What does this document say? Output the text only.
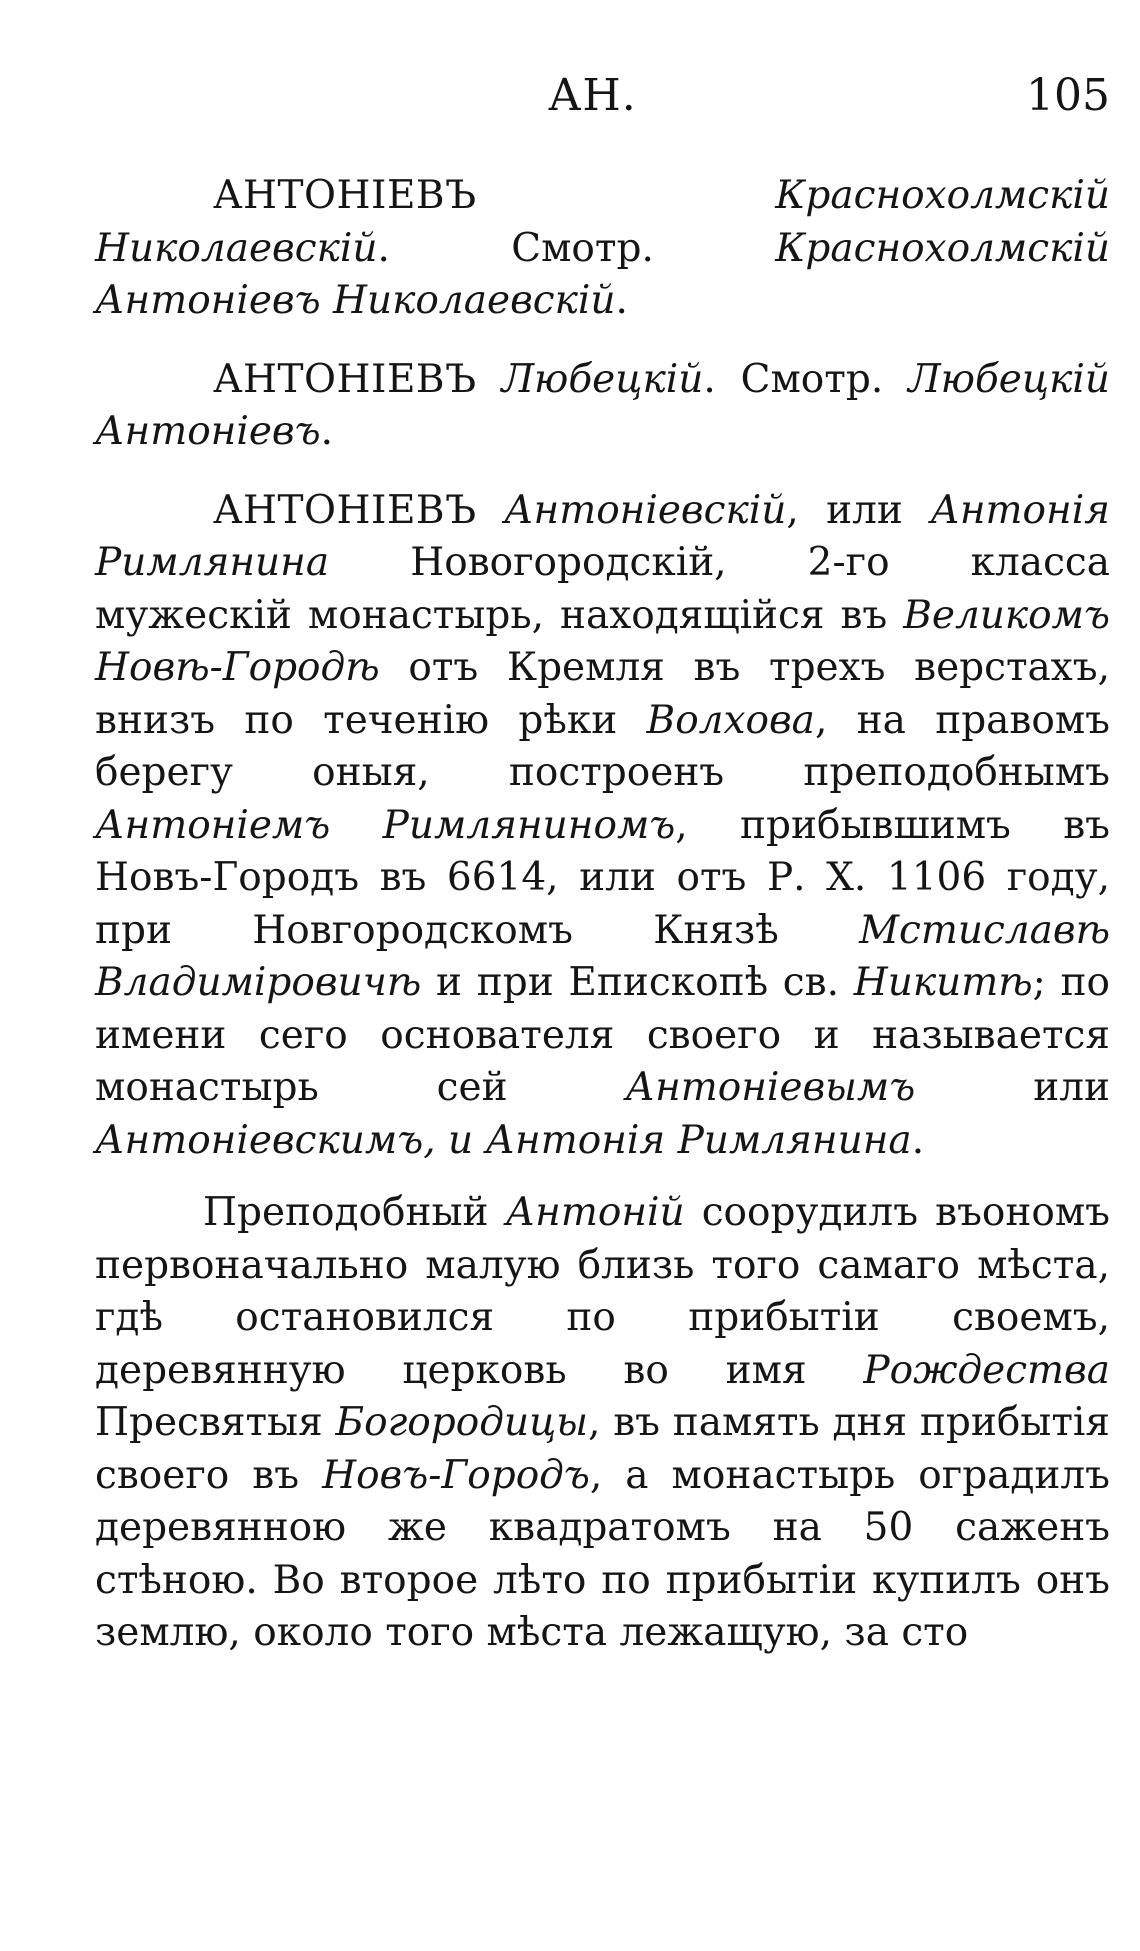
АН.	105

АНТОНІЕВЪ	Краснохолмскій Николаевскій. Смотр. Краснохолмскій Антоніевъ Николаевскій.

АНТОНІЕВЪ Любецкій. Смотр. Любецкій Антоніевъ.

АНТОНІЕВЪ Антоніевскій, или Антонія Римлянина Новогородскій, 2-го класса мужескій монастырь, находящійся въ Великомъ Новѣ-Городѣ отъ Кремля въ трехъ верстахъ, внизъ по теченію рѣки Волхова, на правомъ берегу оныя, построенъ преподобнымъ Антоніемъ Римляниномъ, прибывшимъ въ Новъ-Городъ въ 6614, или отъ Р. Х. 1106 году, при Новгородскомъ Князѣ Мстиславѣ Владиміровичѣ и при Епископѣ св. Никитѣ; по имени сего основателя своего и называется монастырь сей Антоніевымъ или Антоніевскимъ, и Антонія Римлянина.

Преподобный Антоній соорудилъ въономъ первоначально малую близь того самаго мѣста, гдѣ остановился по прибытіи своемъ, деревянную церковь во имя Рождества Пресвятыя Богородицы, въ память дня прибытія своего въ Новъ-Городъ, а монастырь оградилъ деревянною же квадратомъ на 50 саженъ стѣною. Во второе лѣто по прибытіи купилъ онъ землю, около того мѣста лежащую, за сто
